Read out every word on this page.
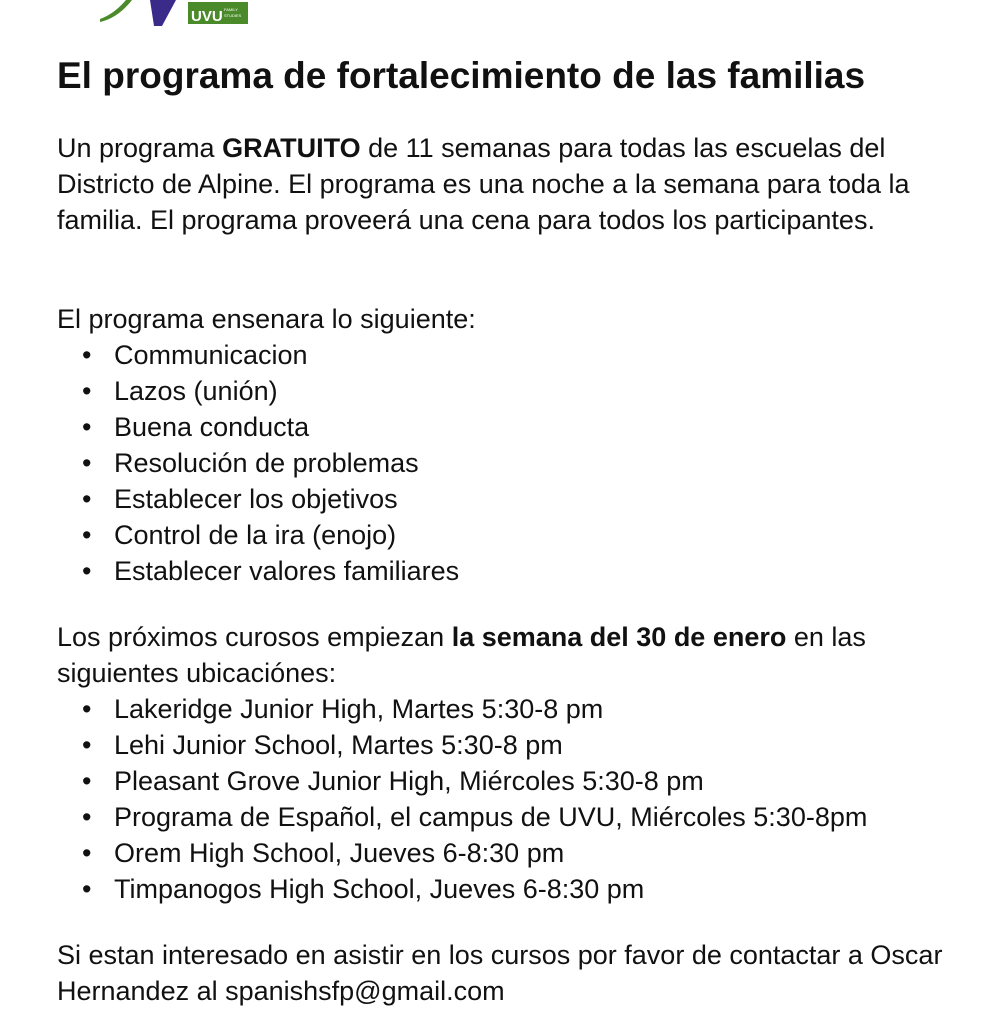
UVU FAMILY
STUDIES
El programa de fortalecimiento de las familias

Un programa GRATUITO de 11 semanas para todas las escuelas del Districto de Alpine. El programa es una noche a la semana para toda la familia. El programa proveerá una cena para todos los participantes.

El programa ensenara lo siguiente:

• Communicacion
• Lazos (unión)
• Buena conducta
• Resolución de problemas
• Establecer los objetivos
• Control de la ira (enojo)
• Establecer valores familiares

Los próximos curosos empiezan la semana del 30 de enero en las siguientes ubicaciónes:

• Lakeridge Junior High, Martes 5:30-8 pm
• Lehi Junior School, Martes 5:30-8 pm
• Pleasant Grove Junior High, Miércoles 5:30-8 pm
• Programa de Español, el campus de UVU, Miércoles 5:30-8pm
• Orem High School, Jueves 6-8:30 pm
• Timpanogos High School, Jueves 6-8:30 pm

Si estan interesado en asistir en los cursos por favor de contactar a Oscar Hernandez al spanishsfp@gmail.com
